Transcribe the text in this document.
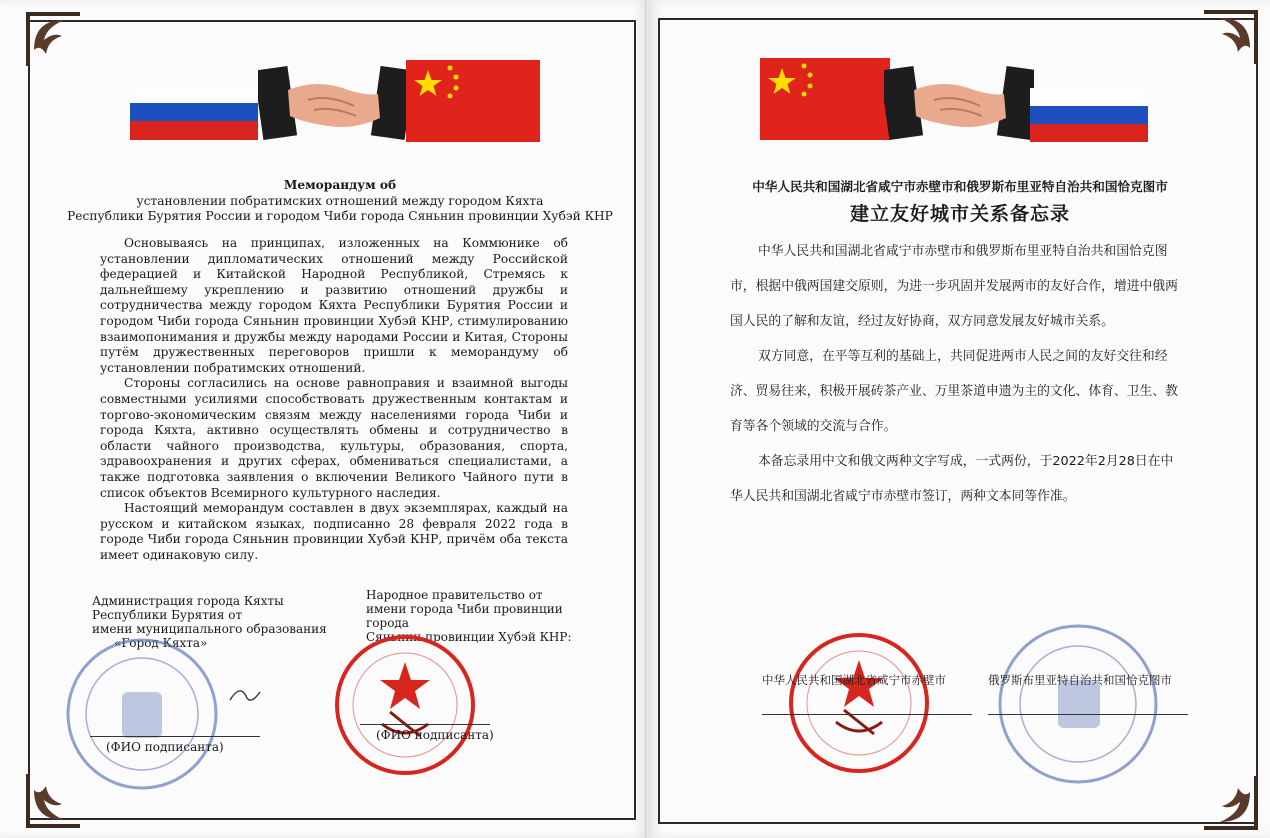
Меморандум об
установлении побратимских отношений между городом Кяхта
Республики Бурятия России и городом Чиби города Сяньнин провинции Хубэй КНР

Основываясь на принципах, изложенных на Коммюнике об установлении дипломатических отношений между Российской федерацией и Китайской Народной Республикой, Стремясь к дальнейшему укреплению и развитию отношений дружбы и сотрудничества между городом Кяхта Республики Бурятия России и городом Чиби города Сяньнин провинции Хубэй КНР, стимулированию взаимопонимания и дружбы между народами России и Китая, Стороны путём дружественных переговоров пришли к меморандуму об установлении побратимских отношений.

Стороны согласились на основе равноправия и взаимной выгоды совместными усилиями способствовать дружественным контактам и торгово-экономическим связям между населениями города Чиби и города Кяхта, активно осуществлять обмены и сотрудничество в области чайного производства, культуры, образования, спорта, здравоохранения и других сферах, обмениваться специалистами, а также подготовка заявления о включении Великого Чайного пути в список объектов Всемирного культурного наследия.

Настоящий меморандум составлен в двух экземплярах, каждый на русском и китайском языках, подписанно 28 февраля 2022 года в городе Чиби города Сяньнин провинции Хубэй КНР, причём оба текста имеет одинаковую силу.

Администрация города Кяхты
Республики Бурятия от
имени муниципального образования
«Город Кяхта»
Народное правительство от
имени города Чиби провинции города
Сяньнин провинции Хубэй КНР:
(ФИО подписанта)
(ФИО подписанта)
中华人民共和国湖北省咸宁市赤壁市和俄罗斯布里亚特自治共和国恰克图市
建立友好城市关系备忘录

中华人民共和国湖北省咸宁市赤壁市和俄罗斯布里亚特自治共和国恰克图市，根据中俄两国建交原则，为进一步巩固并发展两市的友好合作，增进中俄两国人民的了解和友谊，经过友好协商，双方同意发展友好城市关系。

双方同意，在平等互利的基础上，共同促进两市人民之间的友好交往和经济、贸易往来，积极开展砖茶产业、万里茶道申遗为主的文化、体育、卫生、教育等各个领域的交流与合作。

本备忘录用中文和俄文两种文字写成，一式两份，于2022年2月28日在中华人民共和国湖北省咸宁市赤壁市签订，两种文本同等作准。

中华人民共和国湖北省咸宁市赤壁市	俄罗斯布里亚特自治共和国恰克图市
